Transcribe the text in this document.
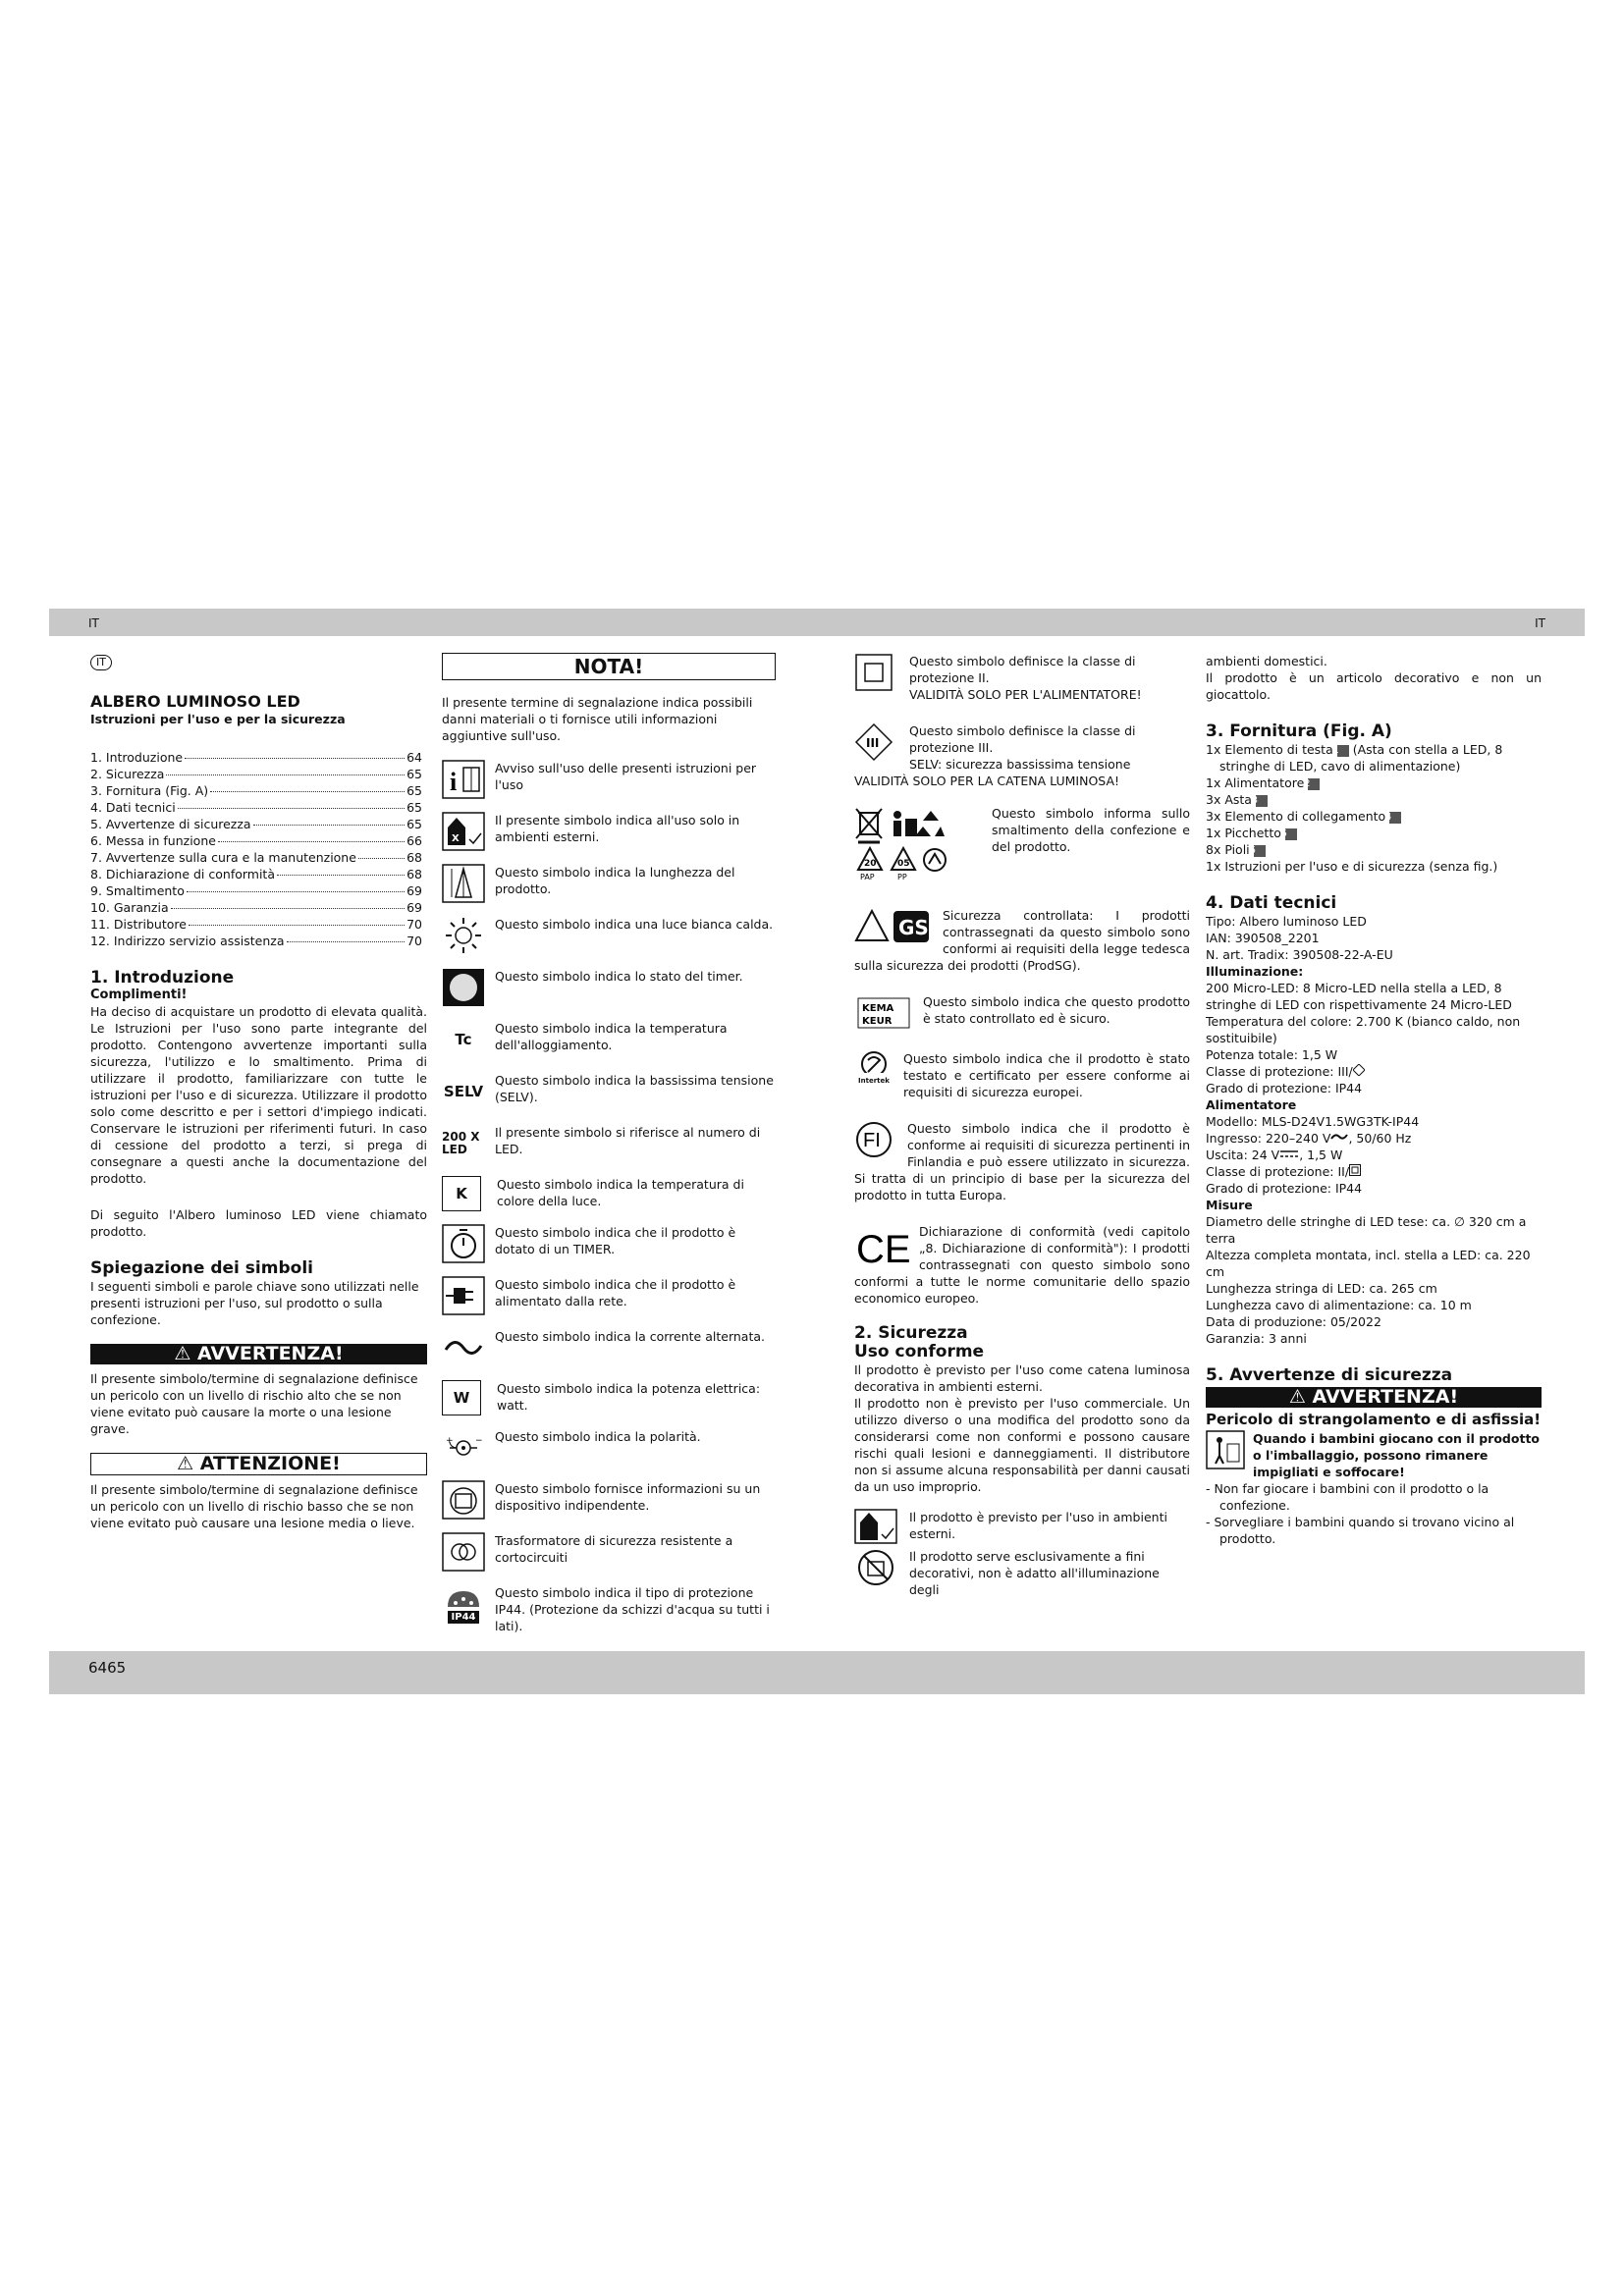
IT	IT
IT
ALBERO LUMINOSO LED
Istruzioni per l'uso e per la sicurezza
1. Introduzione	64
2. Sicurezza	65
3. Fornitura (Fig. A)	65
4. Dati tecnici	65
5. Avvertenze di sicurezza	65
6. Messa in funzione	66
7. Avvertenze sulla cura e la manutenzione	68
8. Dichiarazione di conformità	68
9. Smaltimento	69
10. Garanzia	69
11. Distributore	70
12. Indirizzo servizio assistenza	70
1. Introduzione
Complimenti!

Ha deciso di acquistare un prodotto di elevata qualità. Le Istruzioni per l'uso sono parte integrante del prodotto. Contengono avvertenze importanti sulla sicurezza, l'utilizzo e lo smaltimento. Prima di utilizzare il prodotto, familiarizzare con tutte le istruzioni per l'uso e di sicurezza. Utilizzare il prodotto solo come descritto e per i settori d'impiego indicati. Conservare le istruzioni per riferimenti futuri. In caso di cessione del prodotto a terzi, si prega di consegnare a questi anche la documentazione del prodotto.

Di seguito l'Albero luminoso LED viene chiamato prodotto.

Spiegazione dei simboli

I seguenti simboli e parole chiave sono utilizzati nelle presenti istruzioni per l'uso, sul prodotto o sulla confezione.

⚠ AVVERTENZA!

Il presente simbolo/termine di segnalazione definisce un pericolo con un livello di rischio alto che se non viene evitato può causare la morte o una lesione grave.

⚠ ATTENZIONE!

Il presente simbolo/termine di segnalazione definisce un pericolo con un livello di rischio basso che se non viene evitato può causare una lesione media o lieve.

NOTA!

Il presente termine di segnalazione indica possibili danni materiali o ti fornisce utili informazioni aggiuntive sull'uso.

i	Avviso sull'uso delle presenti istruzioni per l'uso
X
Il presente simbolo indica all'uso solo in ambienti esterni.
Questo simbolo indica la lunghezza del prodotto.
Questo simbolo indica una luce bianca calda.
Questo simbolo indica lo stato del timer.
Tc
Questo simbolo indica la temperatura dell'alloggiamento.
SELV
Questo simbolo indica la bassissima tensione (SELV).
200 X LED
Il presente simbolo si riferisce al numero di LED.
K	Questo simbolo indica la temperatura di colore della luce.
Questo simbolo indica che il prodotto è dotato di un TIMER.
Questo simbolo indica che il prodotto è alimentato dalla rete.
Questo simbolo indica la corrente alternata.
W	Questo simbolo indica la potenza elettrica: watt.
+ − Questo simbolo indica la polarità.
Questo simbolo fornisce informazioni su un dispositivo indipendente.
Trasformatore di sicurezza resistente a cortocircuiti
IP44
Questo simbolo indica il tipo di protezione IP44. (Protezione da schizzi d'acqua su tutti i lati).

Questo simbolo definisce la classe di protezione II.

VALIDITÀ SOLO PER L'ALIMENTATORE!

III

Questo simbolo definisce la classe di protezione III.

SELV: sicurezza bassissima tensione

VALIDITÀ SOLO PER LA CATENA LUMINOSA!

20
PAP
05
PP
Questo simbolo informa sullo smaltimento della confezione e del prodotto.
GS

Sicurezza controllata: I prodotti contrassegnati da questo simbolo sono conformi ai requisiti della legge tedesca sulla sicurezza dei prodotti (ProdSG).

KEMA
KEUR
Questo simbolo indica che questo prodotto è stato controllato ed è sicuro.
Intertek
Questo simbolo indica che il prodotto è stato testato e certificato per essere conforme ai requisiti di sicurezza europei.
FI

Questo simbolo indica che il prodotto è conforme ai requisiti di sicurezza pertinenti in Finlandia e può essere utilizzato in sicurezza. Si tratta di un principio di base per la sicurezza del prodotto in tutta Europa.

CE Dichiarazione di conformità (vedi capitolo „8. Dichiarazione di conformità"): I prodotti contrassegnati con questo simbolo sono conformi a tutte le norme comunitarie dello spazio economico europeo.

2. Sicurezza
Uso conforme

Il prodotto è previsto per l'uso come catena luminosa decorativa in ambienti esterni.

Il prodotto non è previsto per l'uso commerciale. Un utilizzo diverso o una modifica del prodotto sono da considerarsi come non conformi e possono causare rischi quali lesioni e danneggiamenti. Il distributore non si assume alcuna responsabilità per danni causati da un uso improprio.

Il prodotto è previsto per l'uso in ambienti esterni.
Il prodotto serve esclusivamente a fini decorativi, non è adatto all'illuminazione degli

ambienti domestici.

Il prodotto è un articolo decorativo e non un giocattolo.

3. Fornitura (Fig. A)
1x Elemento di testa 1 (Asta con stella a LED, 8 stringhe di LED, cavo di alimentazione)
1x Alimentatore 2
3x Asta 3
3x Elemento di collegamento 4
1x Picchetto 5
8x Pioli 6
1x Istruzioni per l'uso e di sicurezza (senza fig.)
4. Dati tecnici

Tipo: Albero luminoso LED

IAN: 390508_2201

N. art. Tradix: 390508-22-A-EU

Illuminazione:

200 Micro-LED: 8 Micro-LED nella stella a LED, 8 stringhe di LED con rispettivamente 24 Micro-LED

Temperatura del colore: 2.700 K (bianco caldo, non sostituibile)

Potenza totale: 1,5 W

Classe di protezione: III/

Grado di protezione: IP44

Alimentatore

Modello: MLS-D24V1.5WG3TK-IP44

Ingresso: 220–240 V , 50/60 Hz

Uscita: 24 V , 1,5 W

Classe di protezione: II/

Grado di protezione: IP44

Misure

Diametro delle stringhe di LED tese: ca. ∅ 320 cm a terra

Altezza completa montata, incl. stella a LED: ca. 220 cm

Lunghezza stringa di LED: ca. 265 cm

Lunghezza cavo di alimentazione: ca. 10 m

Data di produzione: 05/2022

Garanzia: 3 anni

5. Avvertenze di sicurezza
⚠ AVVERTENZA!
Pericolo di strangolamento e di asfissia!
Quando i bambini giocano con il prodotto o l'imballaggio, possono rimanere impigliati e soffocare!
- Non far giocare i bambini con il prodotto o la confezione.
- Sorvegliare i bambini quando si trovano vicino al prodotto.
6465
